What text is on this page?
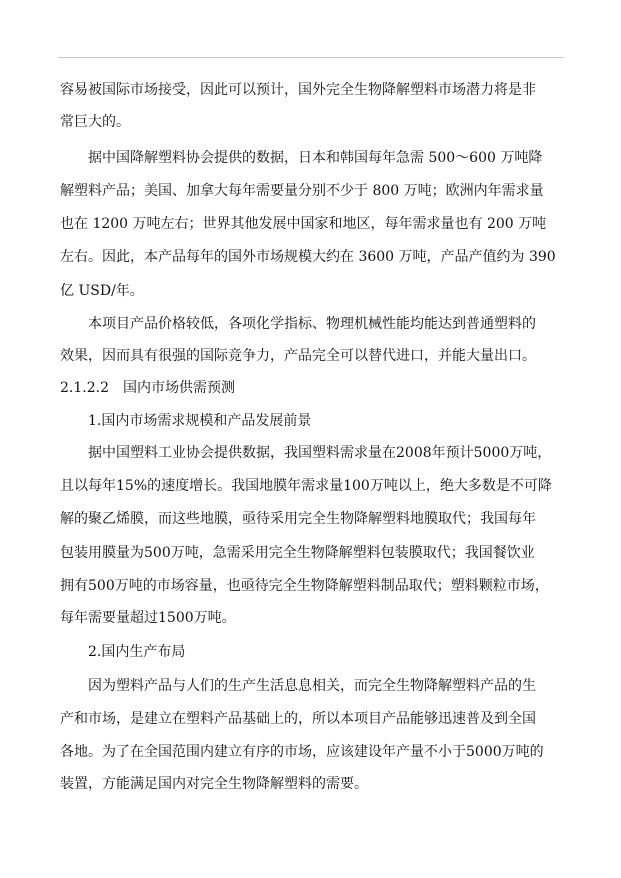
容易被国际市场接受，因此可以预计，国外完全生物降解塑料市场潜力将是非
常巨大的。
据中国降解塑料协会提供的数据，日本和韩国每年急需 500～600 万吨降
解塑料产品；美国、加拿大每年需要量分别不少于 800 万吨；欧洲内年需求量
也在 1200 万吨左右；世界其他发展中国家和地区，每年需求量也有 200 万吨
左右。因此，本产品每年的国外市场规模大约在 3600 万吨，产品产值约为 390
亿 USD/年。
本项目产品价格较低，各项化学指标、物理机械性能均能达到普通塑料的
效果，因而具有很强的国际竞争力，产品完全可以替代进口，并能大量出口。
2.1.2.2　国内市场供需预测
1.国内市场需求规模和产品发展前景
据中国塑料工业协会提供数据，我国塑料需求量在2008年预计5000万吨，
且以每年15%的速度增长。我国地膜年需求量100万吨以上，绝大多数是不可降
解的聚乙烯膜，而这些地膜，亟待采用完全生物降解塑料地膜取代；我国每年
包装用膜量为500万吨，急需采用完全生物降解塑料包装膜取代；我国餐饮业
拥有500万吨的市场容量，也亟待完全生物降解塑料制品取代；塑料颗粒市场，
每年需要量超过1500万吨。
2.国内生产布局
因为塑料产品与人们的生产生活息息相关，而完全生物降解塑料产品的生
产和市场，是建立在塑料产品基础上的，所以本项目产品能够迅速普及到全国
各地。为了在全国范围内建立有序的市场，应该建设年产量不小于5000万吨的
装置，方能满足国内对完全生物降解塑料的需要。
